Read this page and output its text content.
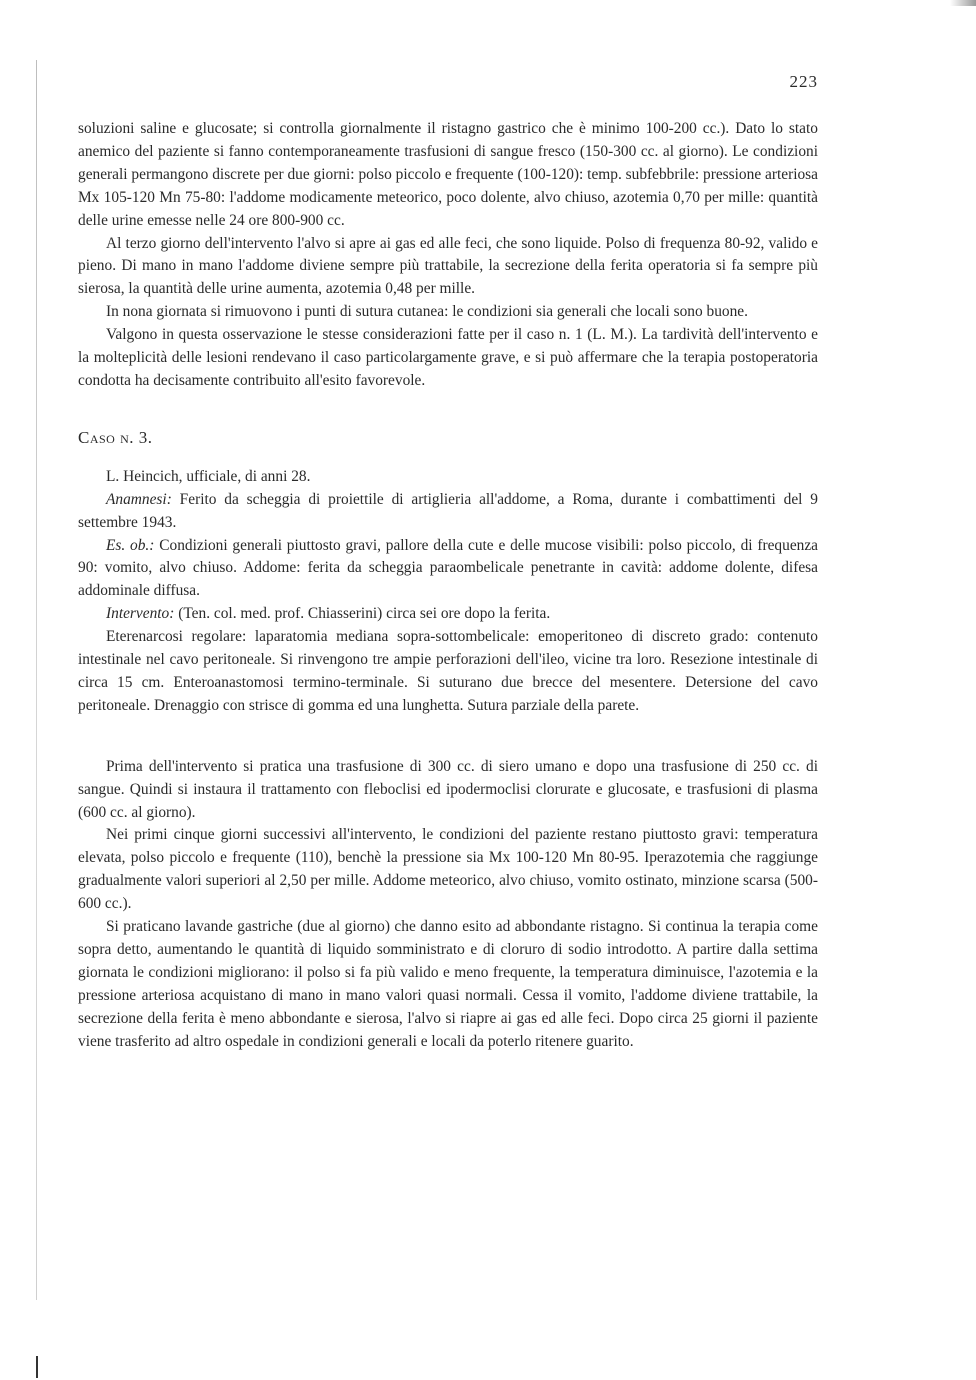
223

soluzioni saline e glucosate; si controlla giornalmente il ristagno gastrico che è minimo 100-200 cc.). Dato lo stato anemico del paziente si fanno contemporaneamente trasfusioni di sangue fresco (150-300 cc. al giorno). Le condizioni generali permangono discrete per due giorni: polso piccolo e frequente (100-120): temp. subfebbrile: pressione arteriosa Mx 105-120 Mn 75-80: l'addome modicamente meteorico, poco dolente, alvo chiuso, azotemia 0,70 per mille: quantità delle urine emesse nelle 24 ore 800-900 cc.

Al terzo giorno dell'intervento l'alvo si apre ai gas ed alle feci, che sono liquide. Polso di frequenza 80-92, valido e pieno. Di mano in mano l'addome diviene sempre più trattabile, la secrezione della ferita operatoria si fa sempre più sierosa, la quantità delle urine aumenta, azotemia 0,48 per mille.

In nona giornata si rimuovono i punti di sutura cutanea: le condizioni sia generali che locali sono buone.

Valgono in questa osservazione le stesse considerazioni fatte per il caso n. 1 (L. M.). La tardività dell'intervento e la molteplicità delle lesioni rendevano il caso particolargamente grave, e si può affermare che la terapia postoperatoria condotta ha decisamente contribuito all'esito favorevole.

Caso n. 3.

L. Heincich, ufficiale, di anni 28.

Anamnesi: Ferito da scheggia di proiettile di artiglieria all'addome, a Roma, durante i combattimenti del 9 settembre 1943.

Es. ob.: Condizioni generali piuttosto gravi, pallore della cute e delle mucose visibili: polso piccolo, di frequenza 90: vomito, alvo chiuso. Addome: ferita da scheggia paraombelicale penetrante in cavità: addome dolente, difesa addominale diffusa.

Intervento: (Ten. col. med. prof. Chiasserini) circa sei ore dopo la ferita.

Eterenarcosi regolare: laparatomia mediana sopra-sottombelicale: emoperitoneo di discreto grado: contenuto intestinale nel cavo peritoneale. Si rinvengono tre ampie perforazioni dell'ileo, vicine tra loro. Resezione intestinale di circa 15 cm. Enteroanastomosi termino-terminale. Si suturano due brecce del mesentere. Detersione del cavo peritoneale. Drenaggio con strisce di gomma ed una lunghetta. Sutura parziale della parete.

Prima dell'intervento si pratica una trasfusione di 300 cc. di siero umano e dopo una trasfusione di 250 cc. di sangue. Quindi si instaura il trattamento con fleboclisi ed ipodermoclisi clorurate e glucosate, e trasfusioni di plasma (600 cc. al giorno).

Nei primi cinque giorni successivi all'intervento, le condizioni del paziente restano piuttosto gravi: temperatura elevata, polso piccolo e frequente (110), benchè la pressione sia Mx 100-120 Mn 80-95. Iperazotemia che raggiunge gradualmente valori superiori al 2,50 per mille. Addome meteorico, alvo chiuso, vomito ostinato, minzione scarsa (500-600 cc.).

Si praticano lavande gastriche (due al giorno) che danno esito ad abbondante ristagno. Si continua la terapia come sopra detto, aumentando le quantità di liquido somministrato e di cloruro di sodio introdotto. A partire dalla settima giornata le condizioni migliorano: il polso si fa più valido e meno frequente, la temperatura diminuisce, l'azotemia e la pressione arteriosa acquistano di mano in mano valori quasi normali. Cessa il vomito, l'addome diviene trattabile, la secrezione della ferita è meno abbondante e sierosa, l'alvo si riapre ai gas ed alle feci. Dopo circa 25 giorni il paziente viene trasferito ad altro ospedale in condizioni generali e locali da poterlo ritenere guarito.
